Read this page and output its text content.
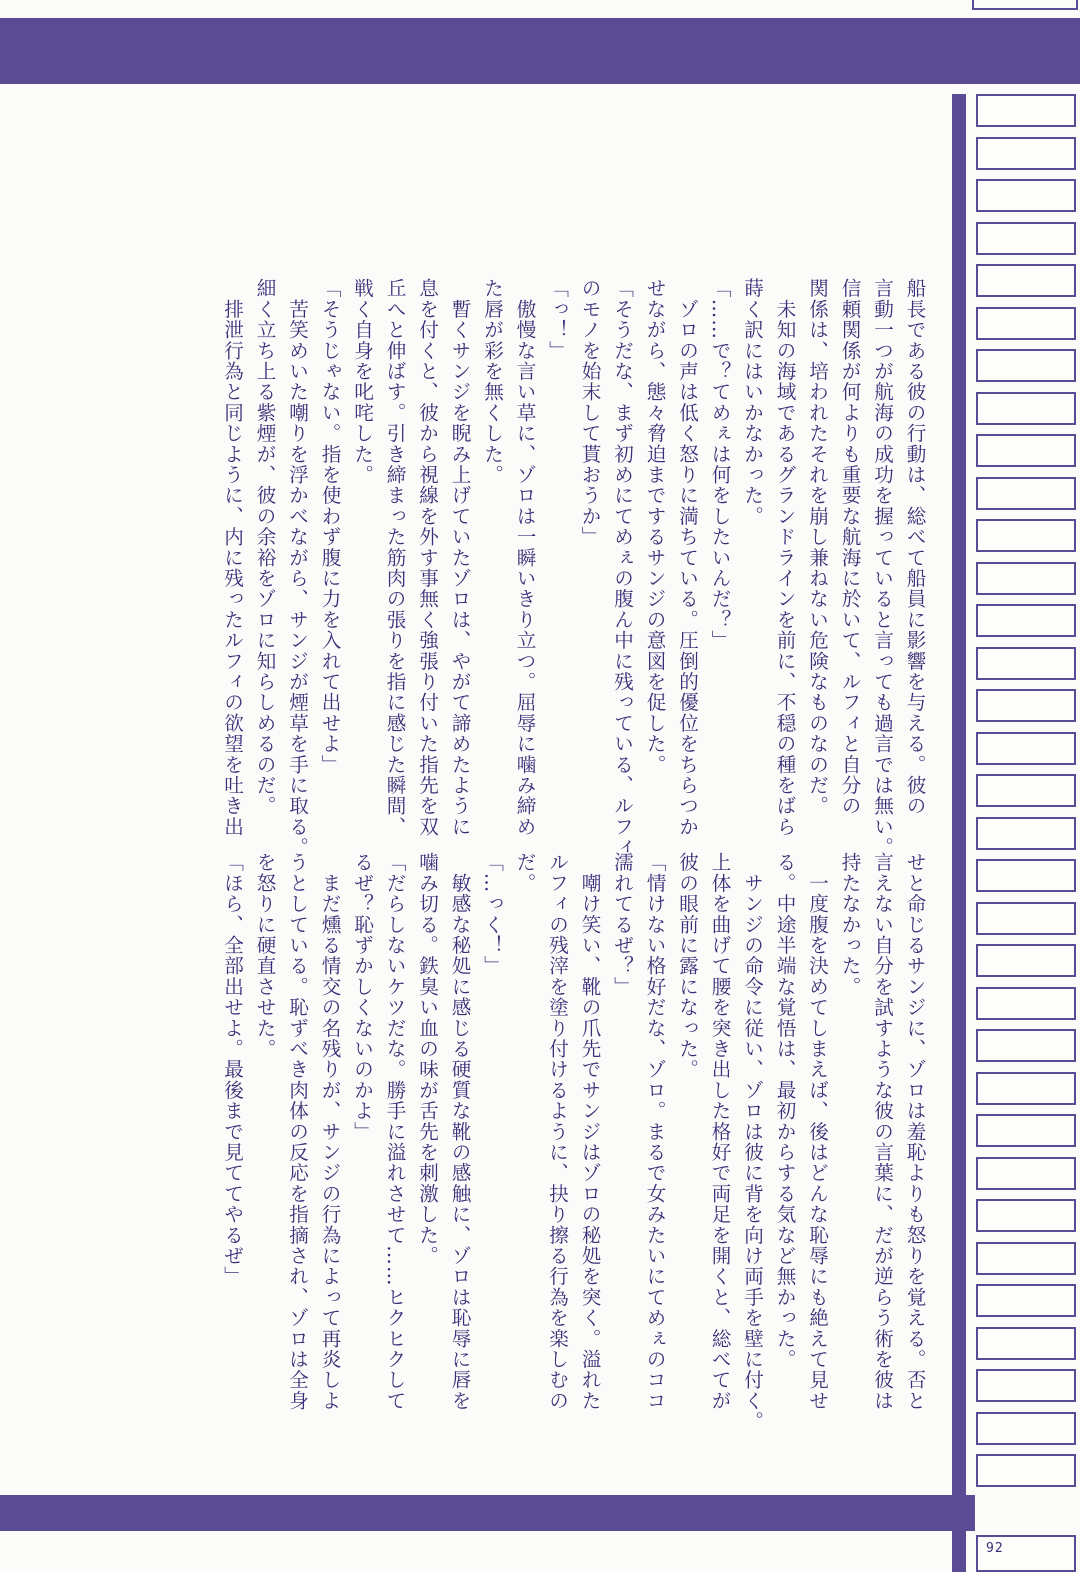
船長である彼の行動は、総べて船員に影響を与える。彼の
言動一つが航海の成功を握っていると言っても過言では無い。
信頼関係が何よりも重要な航海に於いて、ルフィと自分の
関係は、培われたそれを崩し兼ねない危険なものなのだ。
　未知の海域であるグランドラインを前に、不穏の種をばら
蒔く訳にはいかなかった。
「……で？てめぇは何をしたいんだ？」
　ゾロの声は低く怒りに満ちている。圧倒的優位をちらつか
せながら、態々脅迫までするサンジの意図を促した。
「そうだな、まず初めにてめぇの腹ん中に残っている、ルフィ
のモノを始末して貰おうか」
「っ！」
　傲慢な言い草に、ゾロは一瞬いきり立つ。屈辱に噛み締め
た唇が彩を無くした。
　暫くサンジを睨み上げていたゾロは、やがて諦めたように
息を付くと、彼から視線を外す事無く強張り付いた指先を双
丘へと伸ばす。引き締まった筋肉の張りを指に感じた瞬間、
戦く自身を叱咤した。
「そうじゃない。指を使わず腹に力を入れて出せよ」
　苦笑めいた嘲りを浮かべながら、サンジが煙草を手に取る。
細く立ち上る紫煙が、彼の余裕をゾロに知らしめるのだ。
　排泄行為と同じように、内に残ったルフィの欲望を吐き出
せと命じるサンジに、ゾロは羞恥よりも怒りを覚える。否と
言えない自分を試すような彼の言葉に、だが逆らう術を彼は
持たなかった。
　一度腹を決めてしまえば、後はどんな恥辱にも絶えて見せ
る。中途半端な覚悟は、最初からする気など無かった。
　サンジの命令に従い、ゾロは彼に背を向け両手を壁に付く。
上体を曲げて腰を突き出した格好で両足を開くと、総べてが
彼の眼前に露になった。
「情けない格好だな、ゾロ。まるで女みたいにてめぇのココ
濡れてるぜ？」
　嘲け笑い、靴の爪先でサンジはゾロの秘処を突く。溢れた
ルフィの残滓を塗り付けるように、抉り擦る行為を楽しむの
だ。
「…っく！」
　敏感な秘処に感じる硬質な靴の感触に、ゾロは恥辱に唇を
噛み切る。鉄臭い血の味が舌先を刺激した。
「だらしないケツだな。勝手に溢れさせて……ヒクヒクして
るぜ？恥ずかしくないのかよ」
　まだ燻る情交の名残りが、サンジの行為によって再炎しよ
うとしている。恥ずべき肉体の反応を指摘され、ゾロは全身
を怒りに硬直させた。
「ほら、全部出せよ。最後まで見ててやるぜ」
92
